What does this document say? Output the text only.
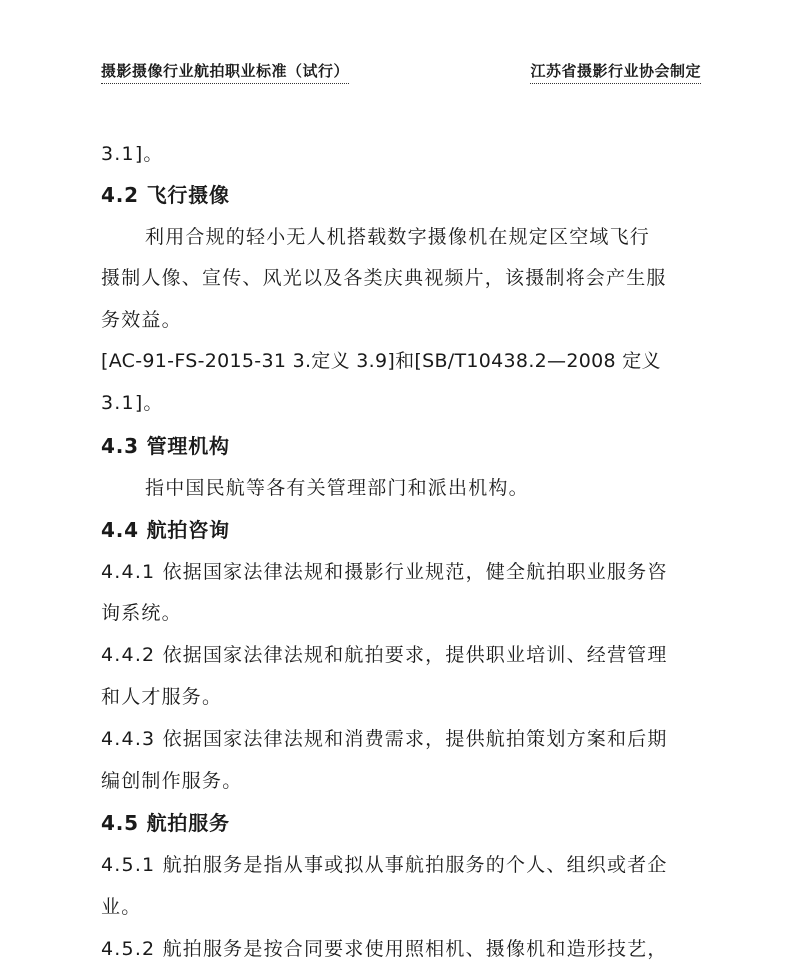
摄影摄像行业航拍职业标准（试行）	江苏省摄影行业协会制定
3.1]。
4.2 飞行摄像
利用合规的轻小无人机搭载数字摄像机在规定区空域飞行
摄制人像、宣传、风光以及各类庆典视频片，该摄制将会产生服
务效益。
[AC-91-FS-2015-31 3.定义 3.9]和[SB/T10438.2—2008 定义
3.1]。
4.3 管理机构
指中国民航等各有关管理部门和派出机构。
4.4 航拍咨询
4.4.1 依据国家法律法规和摄影行业规范，健全航拍职业服务咨
询系统。
4.4.2 依据国家法律法规和航拍要求，提供职业培训、经营管理
和人才服务。
4.4.3 依据国家法律法规和消费需求，提供航拍策划方案和后期
编创制作服务。
4.5 航拍服务
4.5.1 航拍服务是指从事或拟从事航拍服务的个人、组织或者企
业。
4.5.2 航拍服务是按合同要求使用照相机、摄像机和造形技艺，
